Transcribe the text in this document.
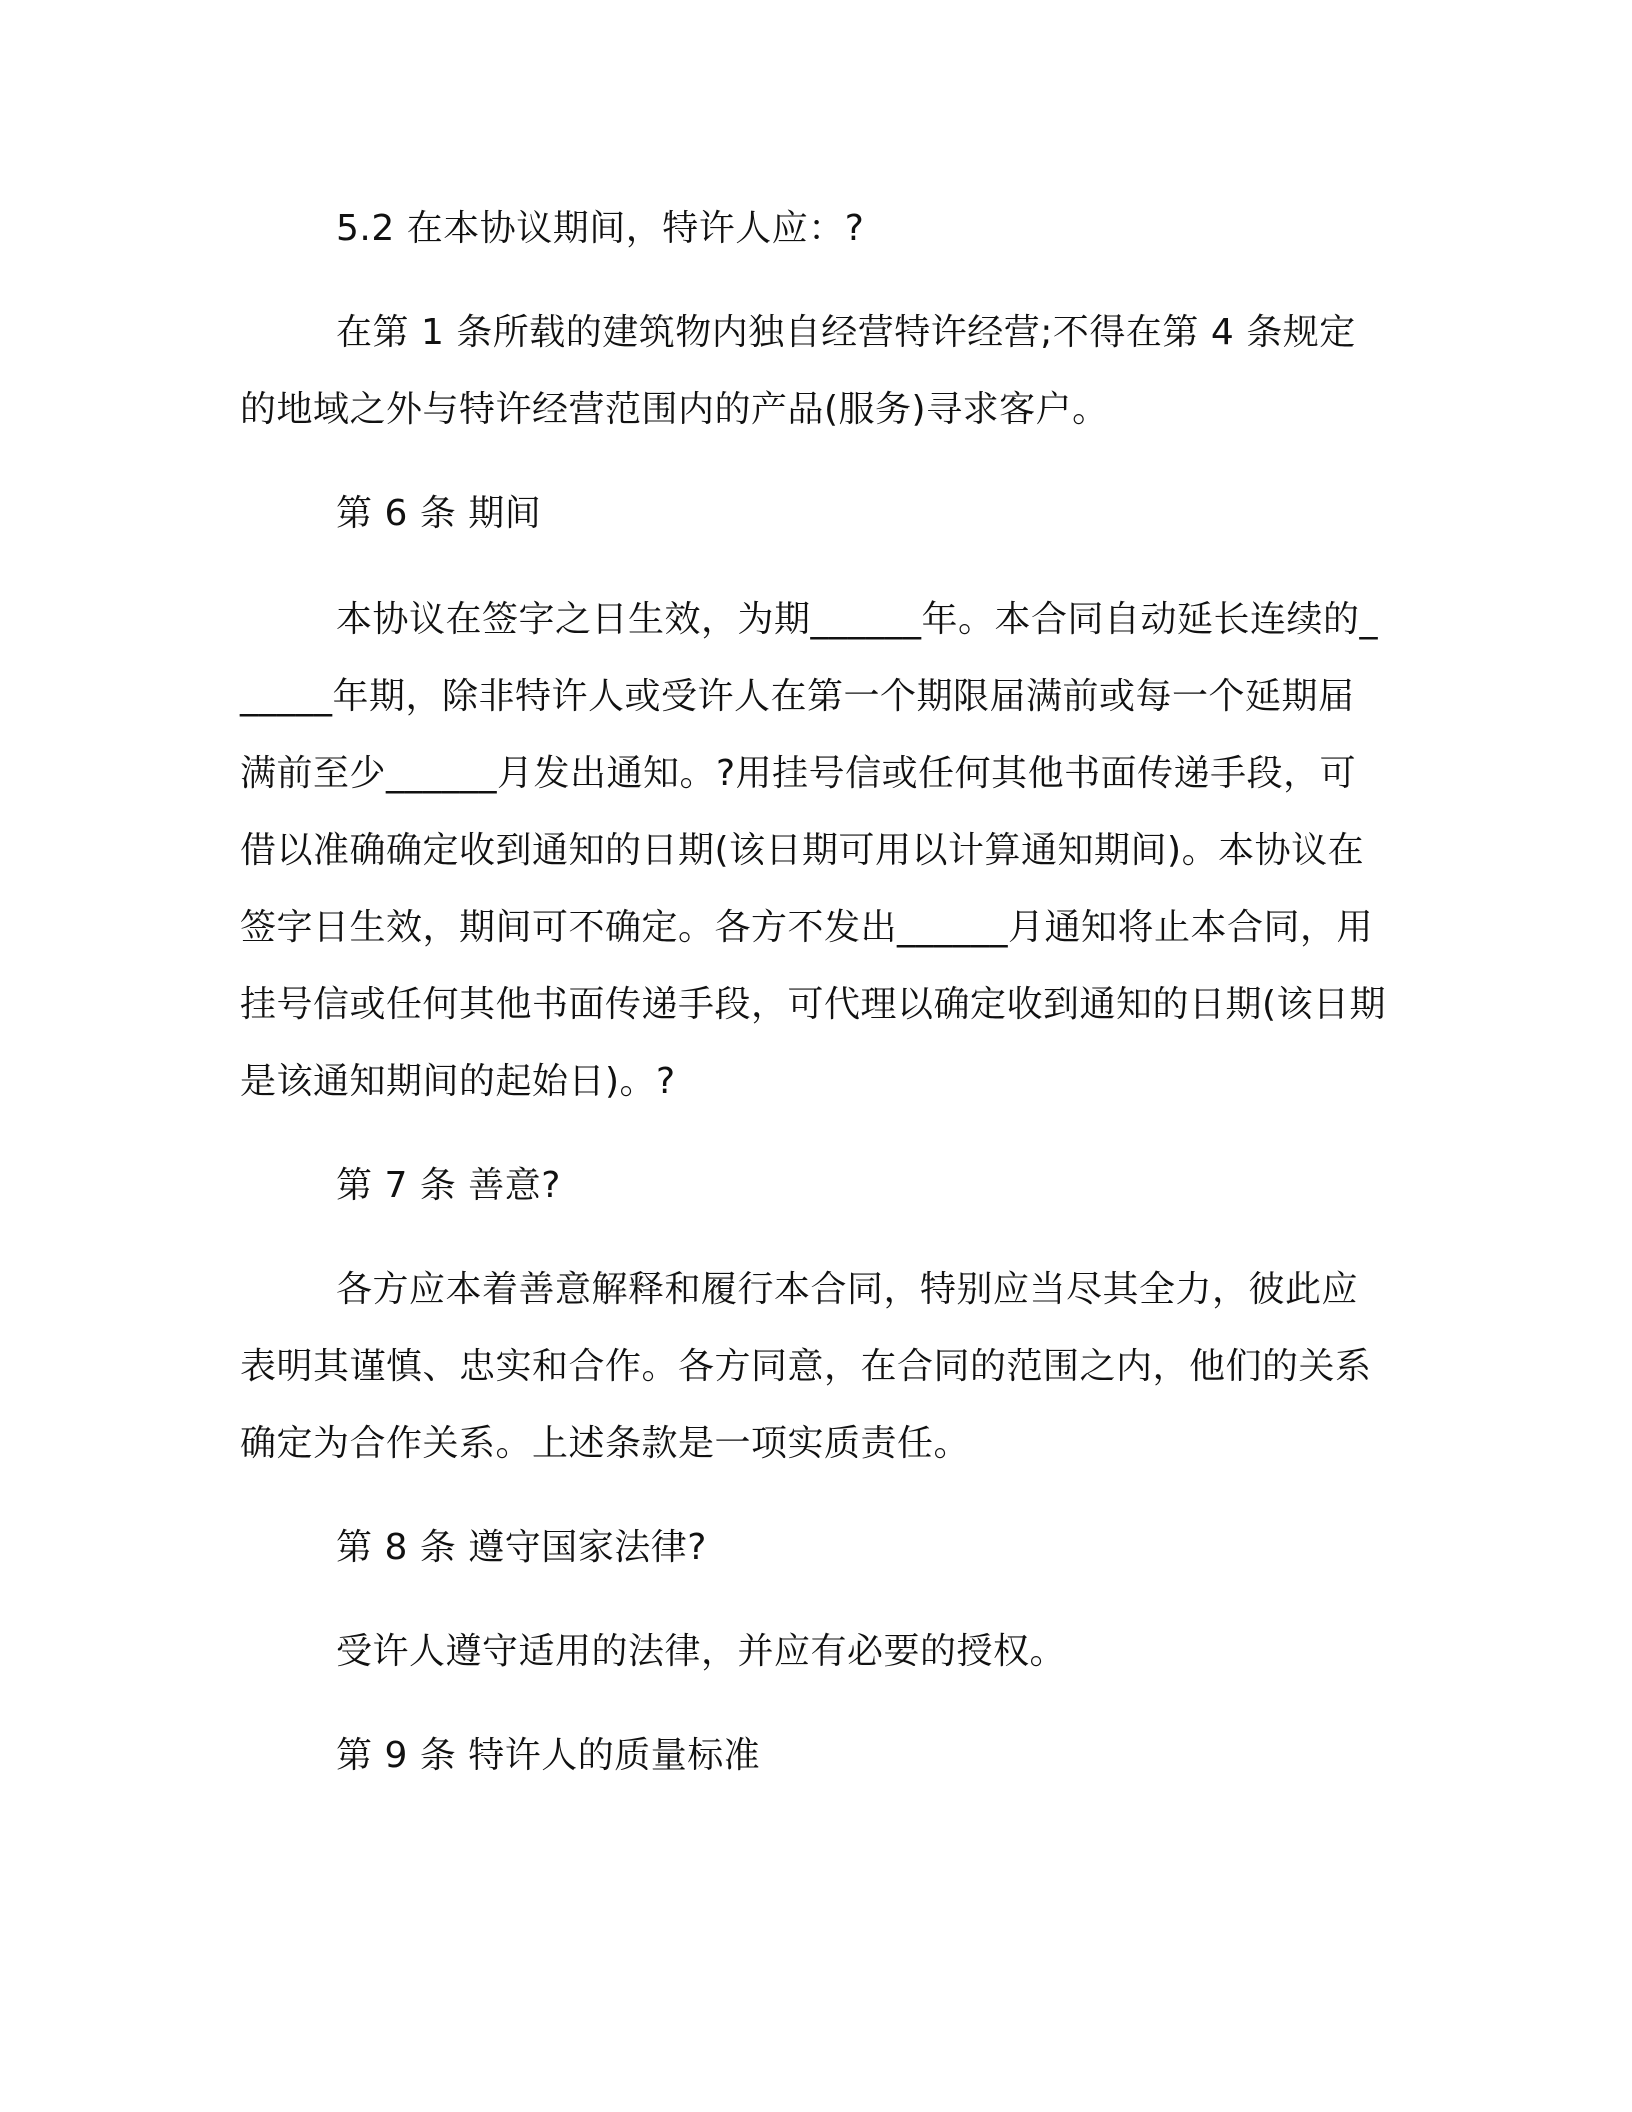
5.2 在本协议期间，特许人应：?

在第 1 条所载的建筑物内独自经营特许经营;不得在第 4 条规定的地域之外与特许经营范围内的产品(服务)寻求客户。

第 6 条 期间

本协议在签字之日生效，为期______年。本合同自动延长连续的______年期，除非特许人或受许人在第一个期限届满前或每一个延期届满前至少______月发出通知。?用挂号信或任何其他书面传递手段，可借以准确确定收到通知的日期(该日期可用以计算通知期间)。本协议在签字日生效，期间可不确定。各方不发出______月通知将止本合同，用挂号信或任何其他书面传递手段，可代理以确定收到通知的日期(该日期是该通知期间的起始日)。?

第 7 条 善意?

各方应本着善意解释和履行本合同，特别应当尽其全力，彼此应表明其谨慎、忠实和合作。各方同意，在合同的范围之内，他们的关系确定为合作关系。上述条款是一项实质责任。

第 8 条 遵守国家法律?

受许人遵守适用的法律，并应有必要的授权。

第 9 条 特许人的质量标准
